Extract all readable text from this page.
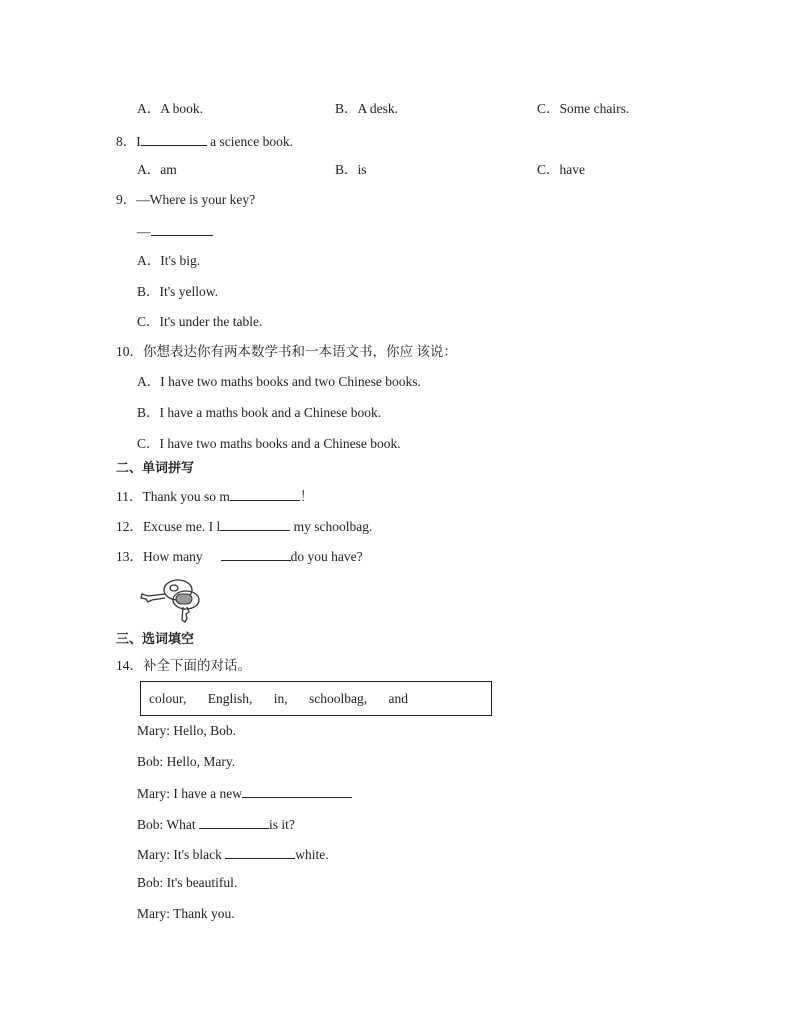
A．A book.	B．A desk.	C．Some chairs.
8．I	a science book.
A．am	B．is	C．have
9．—Where is your key?
—
A．It's big.
B．It's yellow.
C．It's under the table.
10．你想表达你有两本数学书和一本语文书，你应 该说：
A．I have two maths books and two Chinese books.
B．I have a maths book and a Chinese book.
C．I have two maths books and a Chinese book.
二、单词拼写
11．Thank you so m	！
12．Excuse me. I l	my schoolbag.
13．How many	do you have?
三、选词填空
14．补全下面的对话。
colour, English, in, schoolbag, and
Mary: Hello, Bob.
Bob: Hello, Mary.
Mary: I have a new
Bob: What	is it?
Mary: It's black	white.
Bob: It's beautiful.
Mary: Thank you.
